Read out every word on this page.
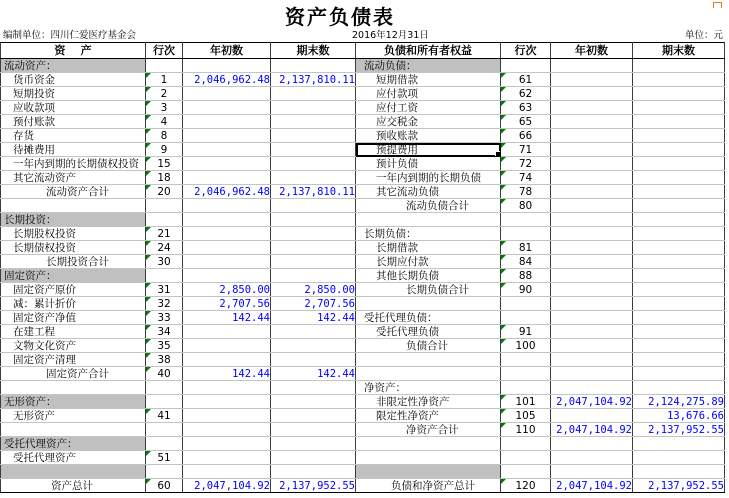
资产负债表
编制单位：四川仁爱医疗基金会	2016年12月31日	单位：元
资    产	行次	年初数	期末数	负债和所有者权益	行次	年初数	期末数
流动资产：				流动负债：			
货币资金	1	2,046,962.48	2,137,810.11	短期借款	61		
短期投资	2			应付款项	62		
应收款项	3			应付工资	63		
预付账款	4			应交税金	65		
存货	8			预收账款	66		
待摊费用	9			预提费用	71		
一年内到期的长期债权投资	15			预计负债	72		
其它流动资产	18			一年内到期的长期负债	74		
流动资产合计	20	2,046,962.48	2,137,810.11	其它流动负债	78		
				流动负债合计	80		
长期投资：							
长期股权投资	21			长期负债：			
长期债权投资	24			长期借款	81		
长期投资合计	30			长期应付款	84		
固定资产：				其他长期负债	88		
固定资产原价	31	2,850.00	2,850.00	长期负债合计	90		
减：累计折价	32	2,707.56	2,707.56				
固定资产净值	33	142.44	142.44	受托代理负债：			
在建工程	34			受托代理负债	91		
文物文化资产	35			负债合计	100		
固定资产清理	38						
固定资产合计	40	142.44	142.44				
				净资产：			
无形资产：				非限定性净资产	101	2,047,104.92	2,124,275.89
无形资产	41			限定性净资产	105		13,676.66
				净资产合计	110	2,047,104.92	2,137,952.55
受托代理资产：							
受托代理资产	51						

资产总计	60	2,047,104.92	2,137,952.55	负债和净资产总计	120	2,047,104.92	2,137,952.55
